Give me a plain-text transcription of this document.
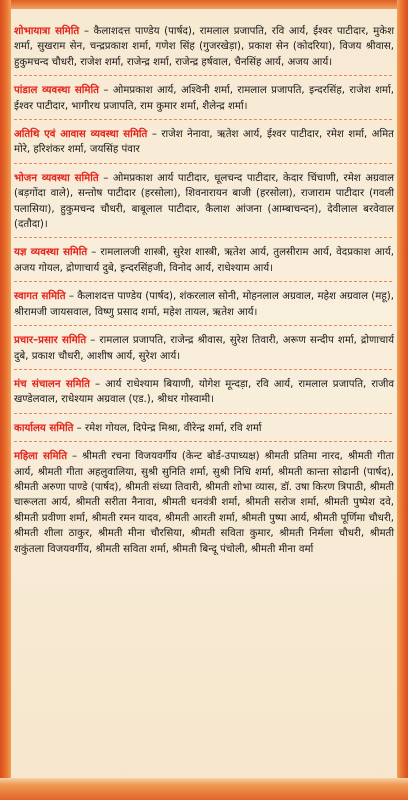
शोभायात्रा समिति – कैलाशदत्त पाण्डेय (पार्षद), रामलाल प्रजापति, रवि आर्य, ईश्वर पाटीदार, मुकेश शर्मा, सुखराम सेन, चन्द्रप्रकाश शर्मा, गणेश सिंह (गुजरखेड़ा), प्रकाश सेन (कोदरिया), विजय श्रीवास, हुकुमचन्द चौधरी, राजेश शर्मा, राजेन्द्र शर्मा, राजेन्द्र हर्षवाल, चैनसिंह आर्य, अजय आर्य।

पांडाल व्यवस्था समिति – ओमप्रकाश आर्य, अश्विनी शर्मा, रामलाल प्रजापति, इन्दरसिंह, राजेश शर्मा, ईश्वर पाटीदार, भागीरथ प्रजापति, राम कुमार शर्मा, शैलेन्द्र शर्मा।

अतिथि एवं आवास व्यवस्था समिति – राजेश नेनावा, ऋतेश आर्य, ईश्वर पाटीदार, रमेश शर्मा, अमित मोरे, हरिशंकर शर्मा, जयसिंह पंवार

भोजन व्यवस्था समिति – ओमप्रकाश आर्य पाटीदार, धूलचन्द पाटीदार, केदार चिंचाणी, रमेश अग्रवाल (बड़गोंदा वाले), सन्तोष पाटीदार (हरसोला), शिवनारायन बाजी (हरसोला), राजाराम पाटीदार (गवली पलासिया), हुकुमचन्द चौधरी, बाबूलाल पाटीदार, कैलाश आंजना (आम्बाचन्दन), देवीलाल बरवेवाल (दतौदा)।

यज्ञ व्यवस्था समिति – रामलालजी शास्त्री, सुरेश शास्त्री, ऋतेश आर्य, तुलसीराम आर्य, वेदप्रकाश आर्य, अजय गोयल, द्रोणाचार्य दुबे, इन्दरसिंहजी, विनोद आर्य, राधेश्याम आर्य।

स्वागत समिति – कैलाशदत्त पाण्डेय (पार्षद), शंकरलाल सोनी, मोहनलाल अग्रवाल, महेश अग्रवाल (महू), श्रीरामजी जायसवाल, विष्णु प्रसाद शर्मा, महेश तायल, ऋतेश आर्य।

प्रचार–प्रसार समिति – रामलाल प्रजापति, राजेन्द्र श्रीवास, सुरेश तिवारी, अरूण सन्दीप शर्मा, द्रोणाचार्य दुबे, प्रकाश चौधरी, आशीष आर्य, सुरेश आर्य।

मंच संचालन समिति – आर्य राधेश्याम बियाणी, योगेश मून्दड़ा, रवि आर्य, रामलाल प्रजापति, राजीव खण्डेलवाल, राधेश्याम अग्रवाल (एड.), श्रीधर गोस्वामी।

कार्यालय समिति – रमेश गोयल, दिपेन्द्र मिश्रा, वीरेन्द्र शर्मा, रवि शर्मा

महिला समिति – श्रीमती रचना विजयवर्गीय (केन्ट बोर्ड-उपाध्यक्ष) श्रीमती प्रतिमा नारद, श्रीमती गीता आर्य, श्रीमती गीता अहलुवालिया, सुश्री सुनिति शर्मा, सुश्री निधि शर्मा, श्रीमती कान्ता सोढानी (पार्षद), श्रीमती अरुणा पाण्डे (पार्षद), श्रीमती संध्या तिवारी, श्रीमती शोभा व्यास, डॉ. उषा किरण त्रिपाठी, श्रीमती चारूलता आर्य, श्रीमती सरीता नैनावा, श्रीमती धनवंत्री शर्मा, श्रीमती सरोज शर्मा, श्रीमती पुष्पेश दवे, श्रीमती प्रवीणा शर्मा, श्रीमती रमन यादव, श्रीमती आरती शर्मा, श्रीमती पुष्पा आर्य, श्रीमती पूर्णिमा चौधरी, श्रीमती शीला ठाकुर, श्रीमती मीना चौरसिया, श्रीमती सविता कुमार, श्रीमती निर्मला चौधरी, श्रीमती शकुंतला विजयवर्गीय, श्रीमती सविता शर्मा, श्रीमती बिन्दू पंचोली, श्रीमती मीना वर्मा
